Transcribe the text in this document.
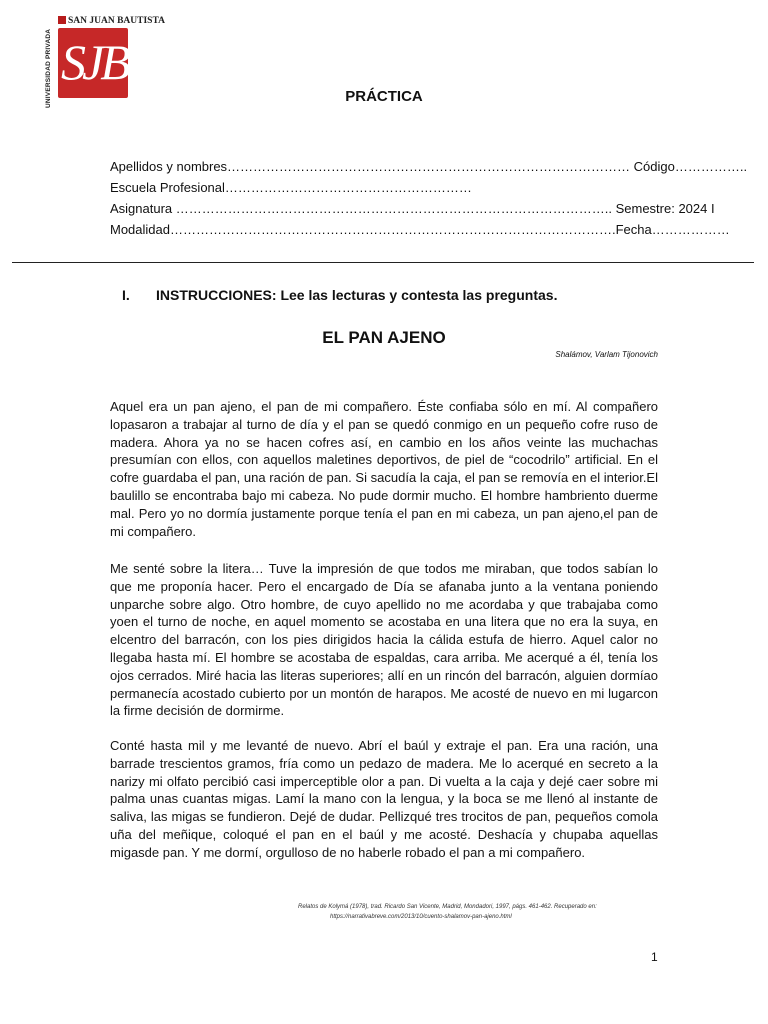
UNIVERSIDAD PRIVADA
SAN JUAN BAUTISTA
SJB
PRÁCTICA
Apellidos y nombres………………………………………………………………………………… Código……………..
Escuela Profesional…………………………………………………
Asignatura ……………………………………………………………………………………….. Semestre: 2024 I
Modalidad………………………………………………………………………………………….Fecha………………
I. INSTRUCCIONES: Lee las lecturas y contesta las preguntas.
EL PAN AJENO
Shalámov, Varlam Tijonovich
Aquel era un pan ajeno, el pan de mi compañero. Éste confiaba sólo en mí. Al compañero lopasaron a trabajar al turno de día y el pan se quedó conmigo en un pequeño cofre ruso de madera. Ahora ya no se hacen cofres así, en cambio en los años veinte las muchachas presumían con ellos, con aquellos maletines deportivos, de piel de “cocodrilo” artificial. En el cofre guardaba el pan, una ración de pan. Si sacudía la caja, el pan se removía en el interior.El baulillo se encontraba bajo mi cabeza. No pude dormir mucho. El hombre hambriento duerme mal. Pero yo no dormía justamente porque tenía el pan en mi cabeza, un pan ajeno,el pan de mi compañero.
Me senté sobre la litera… Tuve la impresión de que todos me miraban, que todos sabían lo que me proponía hacer. Pero el encargado de Día se afanaba junto a la ventana poniendo unparche sobre algo. Otro hombre, de cuyo apellido no me acordaba y que trabajaba como yoen el turno de noche, en aquel momento se acostaba en una litera que no era la suya, en elcentro del barracón, con los pies dirigidos hacia la cálida estufa de hierro. Aquel calor no llegaba hasta mí. El hombre se acostaba de espaldas, cara arriba. Me acerqué a él, tenía los ojos cerrados. Miré hacia las literas superiores; allí en un rincón del barracón, alguien dormíao permanecía acostado cubierto por un montón de harapos. Me acosté de nuevo en mi lugarcon la firme decisión de dormirme.
Conté hasta mil y me levanté de nuevo. Abrí el baúl y extraje el pan. Era una ración, una barrade trescientos gramos, fría como un pedazo de madera. Me lo acerqué en secreto a la narizy mi olfato percibió casi imperceptible olor a pan. Di vuelta a la caja y dejé caer sobre mi palma unas cuantas migas. Lamí la mano con la lengua, y la boca se me llenó al instante de saliva, las migas se fundieron. Dejé de dudar. Pellizqué tres trocitos de pan, pequeños comola uña del meñique, coloqué el pan en el baúl y me acosté. Deshacía y chupaba aquellas migasde pan. Y me dormí, orgulloso de no haberle robado el pan a mi compañero.
Relatos de Kolymá (1978), trad. Ricardo San Vicente, Madrid, Mondadori, 1997, págs. 461-462. Recuperado en:
https://narrativabreve.com/2013/10/cuento-shalamov-pan-ajeno.html
1
